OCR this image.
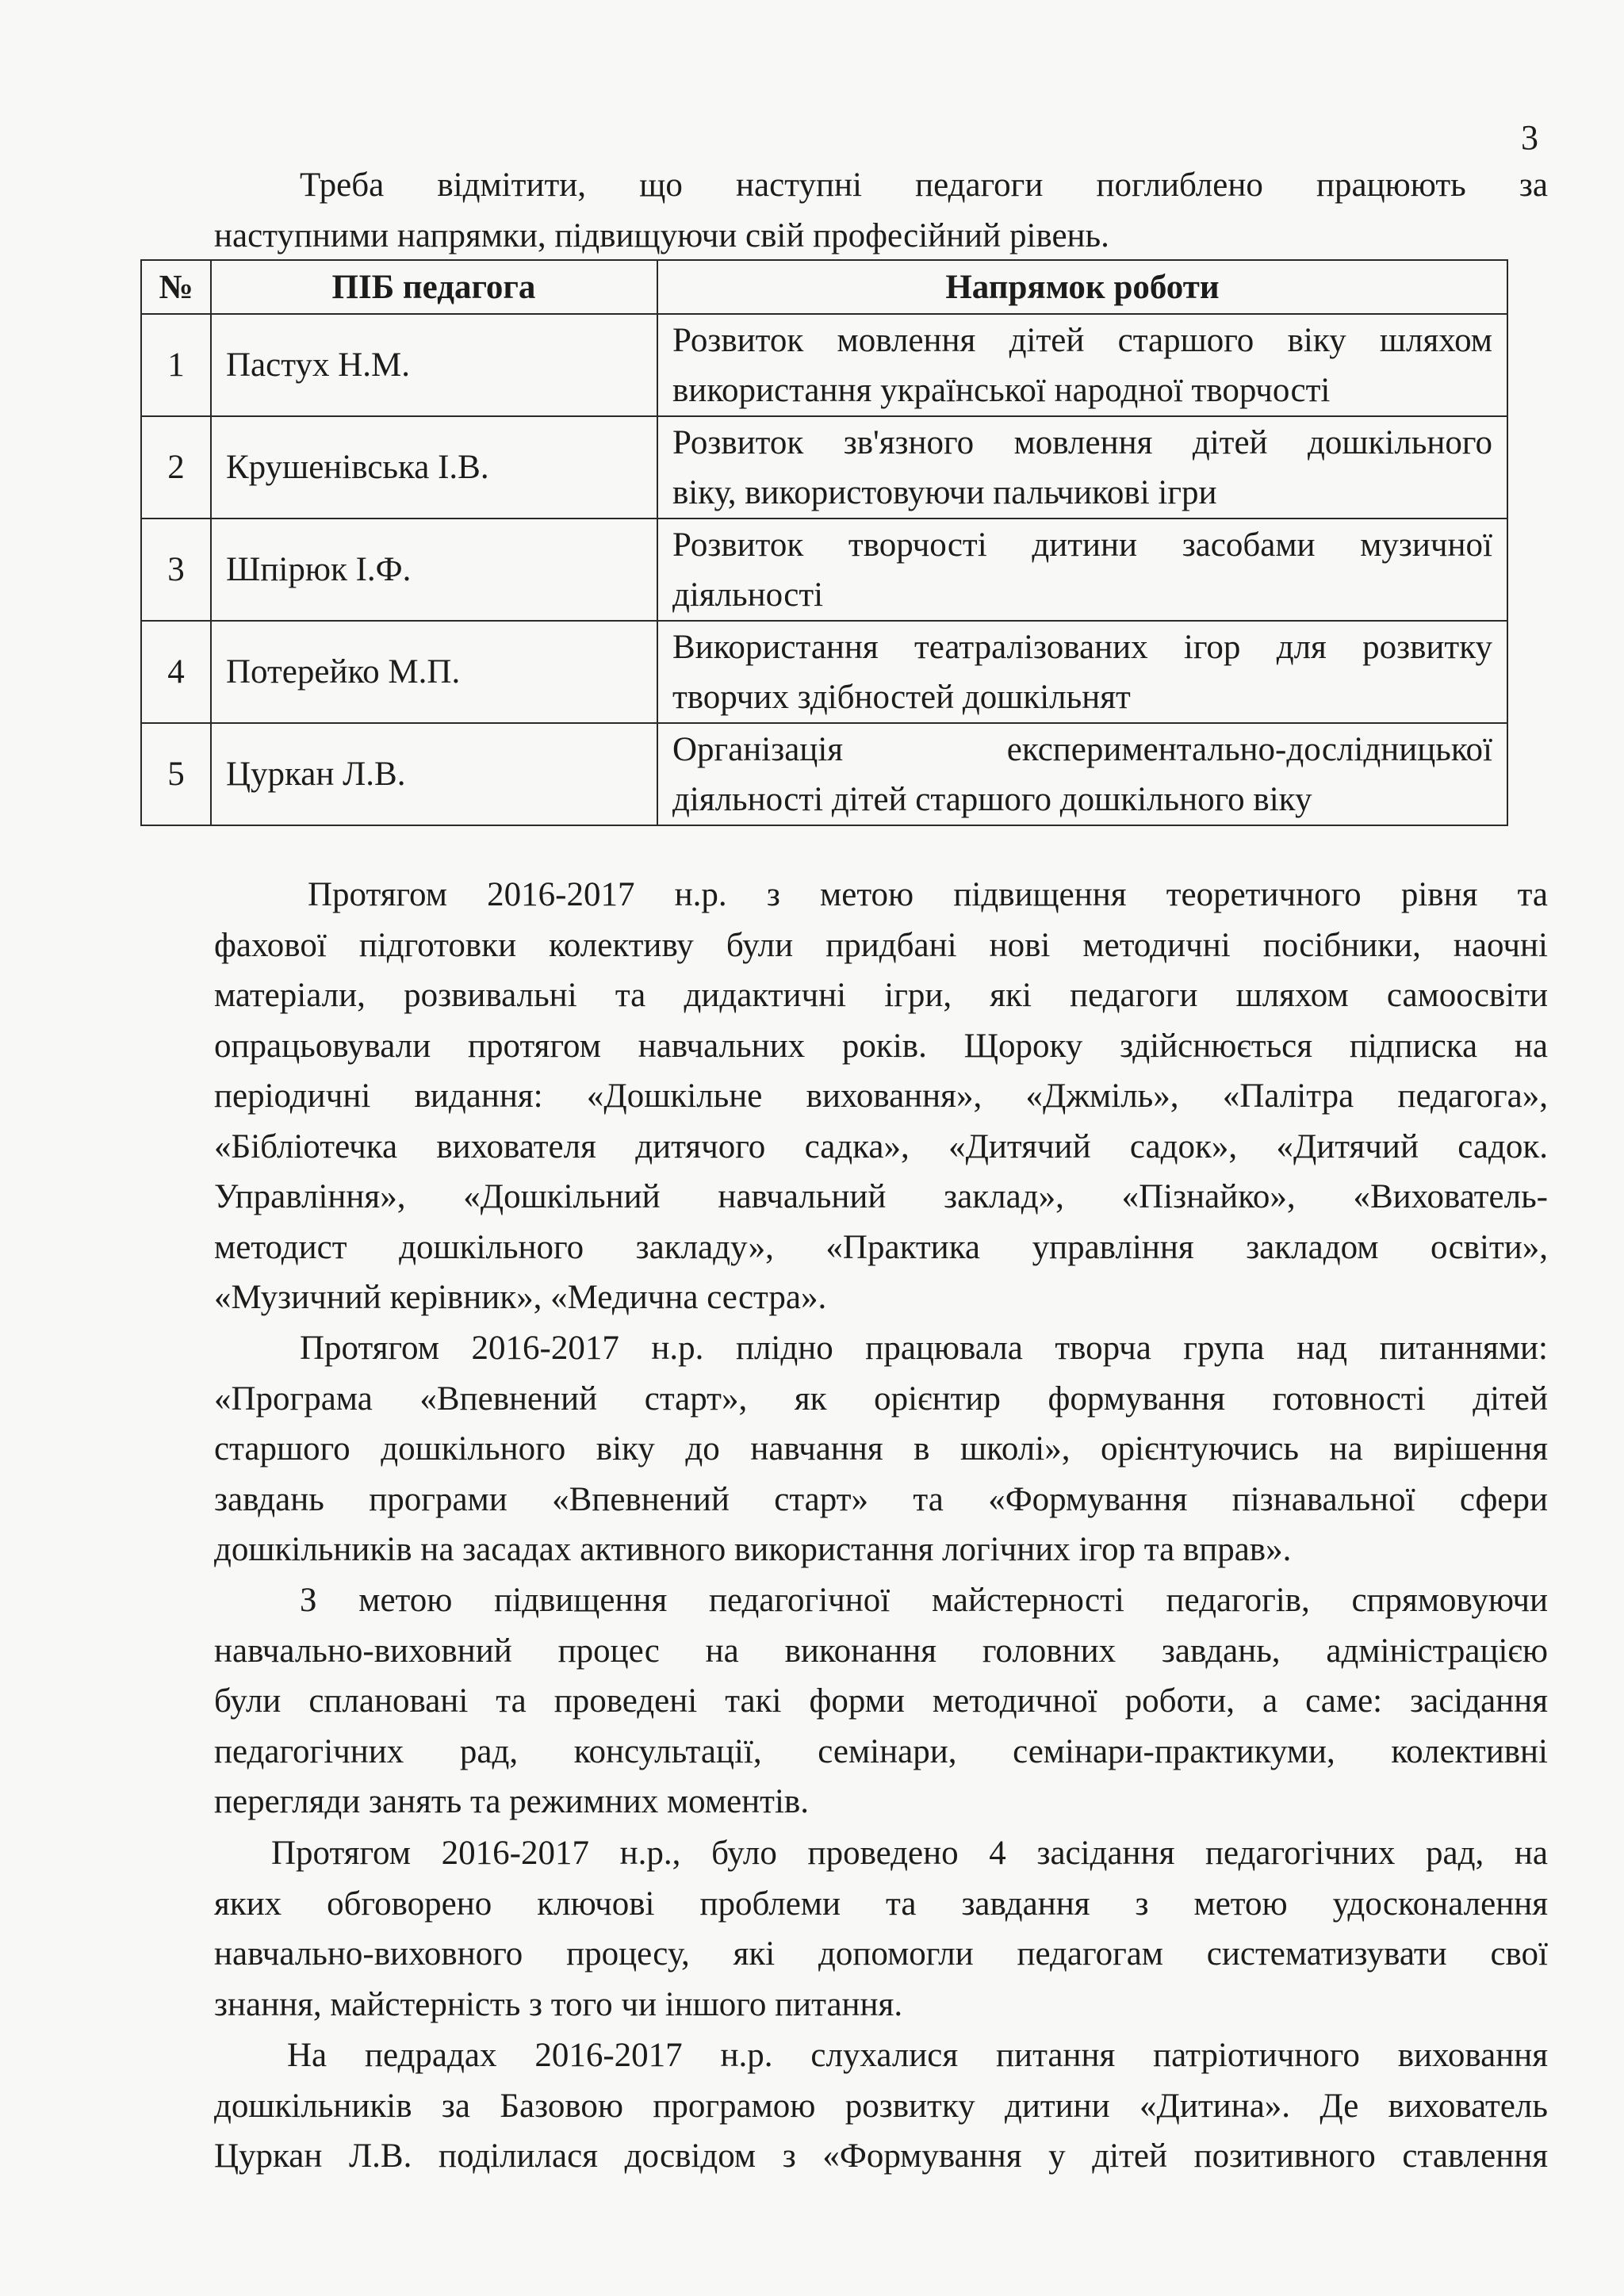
3
Треба відмітити, що наступні педагоги поглиблено працюють за
наступними напрямки, підвищуючи свій професійний рівень.
№	ПІБ педагога	Напрямок роботи
1	Пастух Н.М.	Розвиток мовлення дітей старшого віку шляхом
використання української народної творчості

2	Крушенівська І.В.	Розвиток зв'язного мовлення дітей дошкільного
віку, використовуючи пальчикові ігри

3	Шпірюк І.Ф.	Розвиток творчості дитини засобами музичної
діяльності

4	Потерейко М.П.	Використання театралізованих ігор для розвитку
творчих здібностей дошкільнят

5	Цуркан Л.В.	Організація експериментально-дослідницької
діяльності дітей старшого дошкільного віку
Протягом 2016-2017 н.р. з метою підвищення теоретичного рівня та
фахової підготовки колективу були придбані нові методичні посібники, наочні
матеріали, розвивальні та дидактичні ігри, які педагоги шляхом самоосвіти
опрацьовували протягом навчальних років. Щороку здійснюється підписка на
періодичні видання: «Дошкільне виховання», «Джміль», «Палітра педагога»,
«Бібліотечка вихователя дитячого садка», «Дитячий садок», «Дитячий садок.
Управління», «Дошкільний навчальний заклад», «Пізнайко», «Вихователь-
методист дошкільного закладу», «Практика управління закладом освіти»,
«Музичний керівник», «Медична сестра».
Протягом 2016-2017 н.р. плідно працювала творча група над питаннями:
«Програма «Впевнений старт», як орієнтир формування готовності дітей
старшого дошкільного віку до навчання в школі», орієнтуючись на вирішення
завдань програми «Впевнений старт» та «Формування пізнавальної сфери
дошкільників на засадах активного використання логічних ігор та вправ».
З метою підвищення педагогічної майстерності педагогів, спрямовуючи
навчально-виховний процес на виконання головних завдань, адміністрацією
були сплановані та проведені такі форми методичної роботи, а саме: засідання
педагогічних рад, консультації, семінари, семінари-практикуми, колективні
перегляди занять та режимних моментів.
Протягом 2016-2017 н.р., було проведено 4 засідання педагогічних рад, на
яких обговорено ключові проблеми та завдання з метою удосконалення
навчально-виховного процесу, які допомогли педагогам систематизувати свої
знання, майстерність з того чи іншого питання.
На педрадах 2016-2017 н.р. слухалися питання патріотичного виховання
дошкільників за Базовою програмою розвитку дитини «Дитина». Де вихователь
Цуркан Л.В. поділилася досвідом з «Формування у дітей позитивного ставлення
